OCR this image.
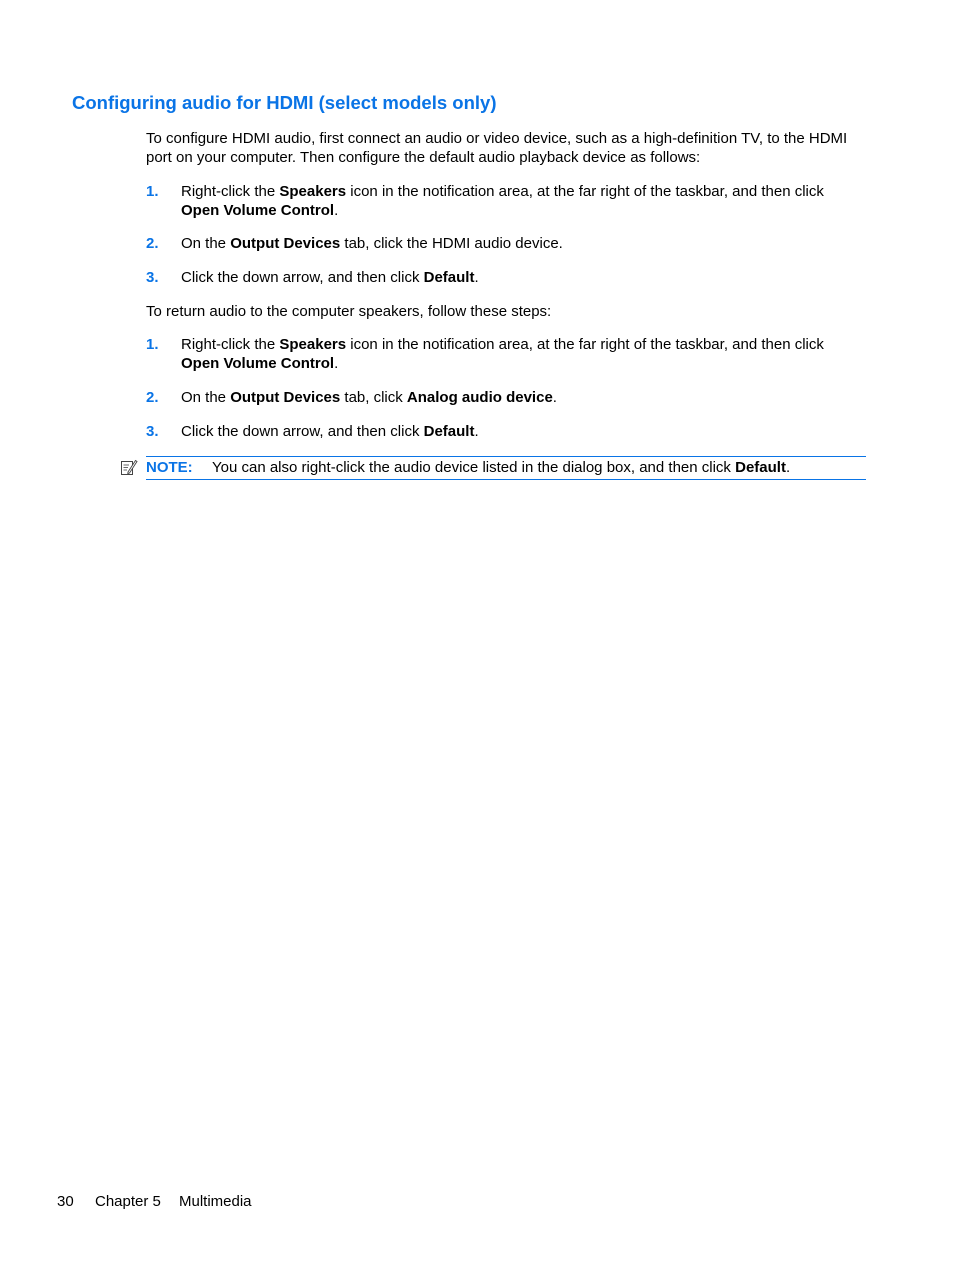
Configuring audio for HDMI (select models only)

To configure HDMI audio, first connect an audio or video device, such as a high-definition TV, to the HDMI port on your computer. Then configure the default audio playback device as follows:

1. Right-click the Speakers icon in the notification area, at the far right of the taskbar, and then click Open Volume Control.
2. On the Output Devices tab, click the HDMI audio device.
3. Click the down arrow, and then click Default.

To return audio to the computer speakers, follow these steps:

1. Right-click the Speakers icon in the notification area, at the far right of the taskbar, and then click Open Volume Control.
2. On the Output Devices tab, click Analog audio device.
3. Click the down arrow, and then click Default.
NOTE: You can also right-click the audio device listed in the dialog box, and then click Default.
30 Chapter 5 Multimedia
